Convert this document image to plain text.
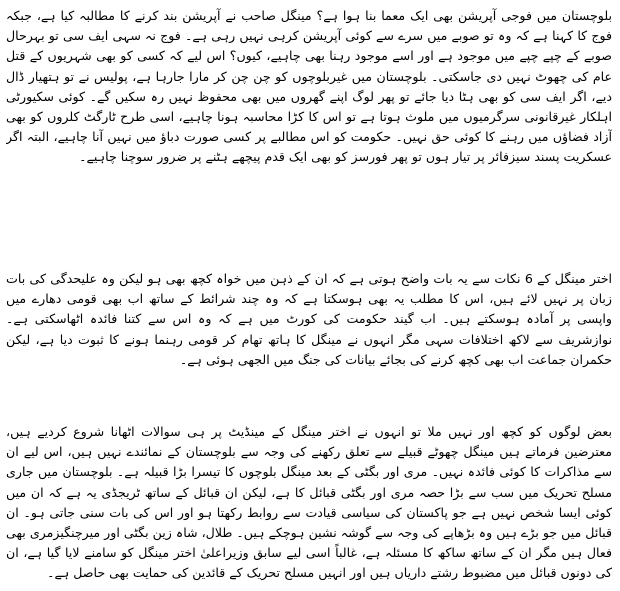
بلوچستان میں فوجی آپریشن بھی ایک معما بنا ہوا ہے؟ مینگل صاحب نے آپریشن بند کرنے کا مطالبہ کیا ہے، جبکہ فوج کا کہنا ہے کہ وہ تو صوبے میں سرے سے کوئی آپریشن کرہی نہیں رہی ہے۔ فوج نہ سہی ایف سی تو بہرحال صوبے کے چپے چپے میں موجود ہے اور اسے موجود رہنا بھی چاہیے، کیوں؟ اس لیے کہ کسی کو بھی شہریوں کے قتل عام کی چھوٹ نہیں دی جاسکتی۔ بلوچستان میں غیربلوچوں کو چن چن کر مارا جارہا ہے، پولیس نے تو ہتھیار ڈال دیے، اگر ایف سی کو بھی ہٹا دیا جائے تو پھر لوگ اپنے گھروں میں بھی محفوظ نہیں رہ سکیں گے۔ کوئی سکیورٹی اہلکار غیرقانونی سرگرمیوں میں ملوث ہوتا ہے تو اس کا کڑا محاسبہ ہونا چاہیے، اسی طرح ٹارگٹ کلروں کو بھی آزاد فضاؤں میں رہنے کا کوئی حق نہیں۔ حکومت کو اس مطالبے پر کسی صورت دباؤ میں نہیں آنا چاہیے، البتہ اگر عسکریت پسند سیزفائر پر تیار ہوں تو پھر فورسز کو بھی ایک قدم پیچھے ہٹنے پر ضرور سوچنا چاہیے۔

اختر مینگل کے 6 نکات سے یہ بات واضح ہوتی ہے کہ ان کے ذہن میں خواہ کچھ بھی ہو لیکن وہ علیحدگی کی بات زبان پر نہیں لائے ہیں، اس کا مطلب یہ بھی ہوسکتا ہے کہ وہ چند شرائط کے ساتھ اب بھی قومی دھارے میں واپسی پر آمادہ ہوسکتے ہیں۔ اب گیند حکومت کی کورٹ میں ہے کہ وہ اس سے کتنا فائدہ اٹھاسکتی ہے۔ نوازشریف سے لاکھ اختلافات سہی مگر انہوں نے مینگل کا ہاتھ تھام کر قومی رہنما ہونے کا ثبوت دیا ہے، لیکن حکمران جماعت اب بھی کچھ کرنے کی بجائے بیانات کی جنگ میں الجھی ہوئی ہے۔

بعض لوگوں کو کچھ اور نہیں ملا تو انہوں نے اختر مینگل کے مینڈیٹ پر ہی سوالات اٹھانا شروع کردیے ہیں، معترضین فرماتے ہیں مینگل چھوٹے قبیلے سے تعلق رکھنے کی وجہ سے بلوچستان کے نمائندے نہیں ہیں، اس لیے ان سے مذاکرات کا کوئی فائدہ نہیں۔ مری اور بگٹی کے بعد مینگل بلوچوں کا تیسرا بڑا قبیلہ ہے۔ بلوچستان میں جاری مسلح تحریک میں سب سے بڑا حصہ مری اور بگٹی قبائل کا ہے، لیکن ان قبائل کے ساتھ ٹریجڈی یہ ہے کہ ان میں کوئی ایسا شخص نہیں ہے جو پاکستان کی سیاسی قیادت سے روابط رکھتا ہو اور اس کی بات سنی جاتی ہو۔ ان قبائل میں جو بڑے ہیں وہ بڑھاپے کی وجہ سے گوشہ نشین ہوچکے ہیں۔ طلال، شاہ زین بگٹی اور میرچنگیزمری بھی فعال ہیں مگر ان کے ساتھ ساکھ کا مسئلہ ہے، غالباً اسی لیے سابق وزیراعلیٰ اختر مینگل کو سامنے لایا گیا ہے، ان کی دونوں قبائل میں مضبوط رشتے داریاں ہیں اور انہیں مسلح تحریک کے قائدین کی حمایت بھی حاصل ہے۔
